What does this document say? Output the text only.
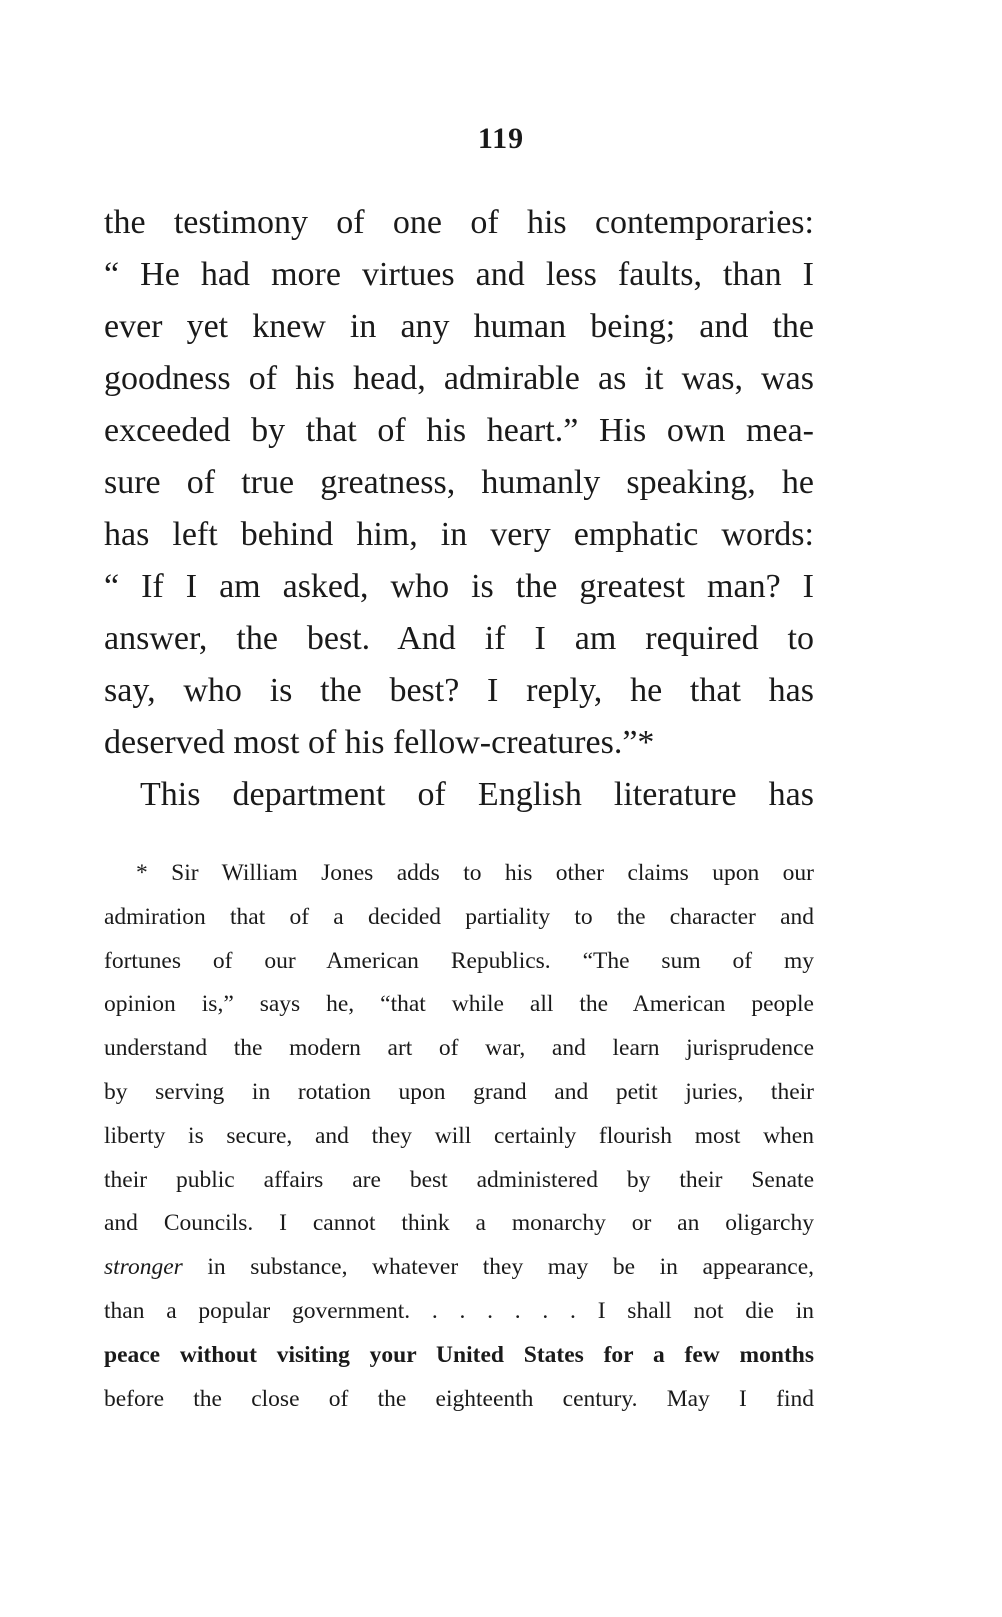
119
the testimony of one of his contemporaries:
“ He had more virtues and less faults, than I
ever yet knew in any human being; and the
goodness of his head, admirable as it was, was
exceeded by that of his heart.” His own mea-
sure of true greatness, humanly speaking, he
has left behind him, in very emphatic words:
“ If I am asked, who is the greatest man? I
answer, the best. And if I am required to
say, who is the best? I reply, he that has
deserved most of his fellow-creatures.”*
This department of English literature has
* Sir William Jones adds to his other claims upon our
admiration that of a decided partiality to the character and
fortunes of our American Republics. “The sum of my
opinion is,” says he, “that while all the American people
understand the modern art of war, and learn jurisprudence
by serving in rotation upon grand and petit juries, their
liberty is secure, and they will certainly flourish most when
their public affairs are best administered by their Senate
and Councils. I cannot think a monarchy or an oligarchy
stronger in substance, whatever they may be in appearance,
than a popular government. . . . . . . I shall not die in
peace without visiting your United States for a few months
before the close of the eighteenth century. May I find
